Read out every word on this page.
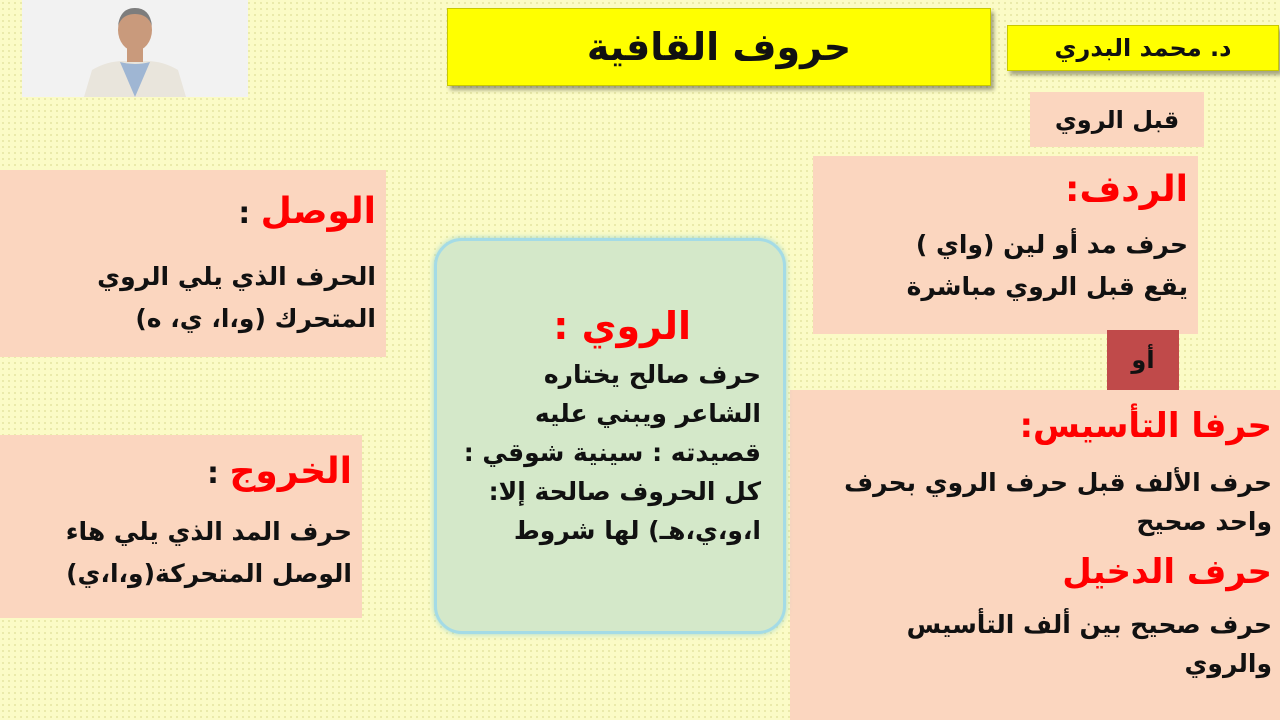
حروف القافية	د. محمد البدري
قبل الروي
الردف:
حرف مد أو لين (واي )
يقع قبل الروي مباشرة
أو
حرفا التأسيس:
حرف الألف قبل حرف الروي بحرف
واحد صحيح
حرف الدخيل
حرف صحيح بين ألف التأسيس
والروي
الوصل :
الحرف الذي يلي الروي
المتحرك (و،ا، ي، ه)
الخروج :
حرف المد الذي يلي هاء
الوصل المتحركة(و،ا،ي)
الروي :
حرف صالح يختاره
الشاعر ويبني عليه
قصيدته : سينية شوقي :
كل الحروف صالحة إلا:
ا،و،ي،هـ) لها شروط
